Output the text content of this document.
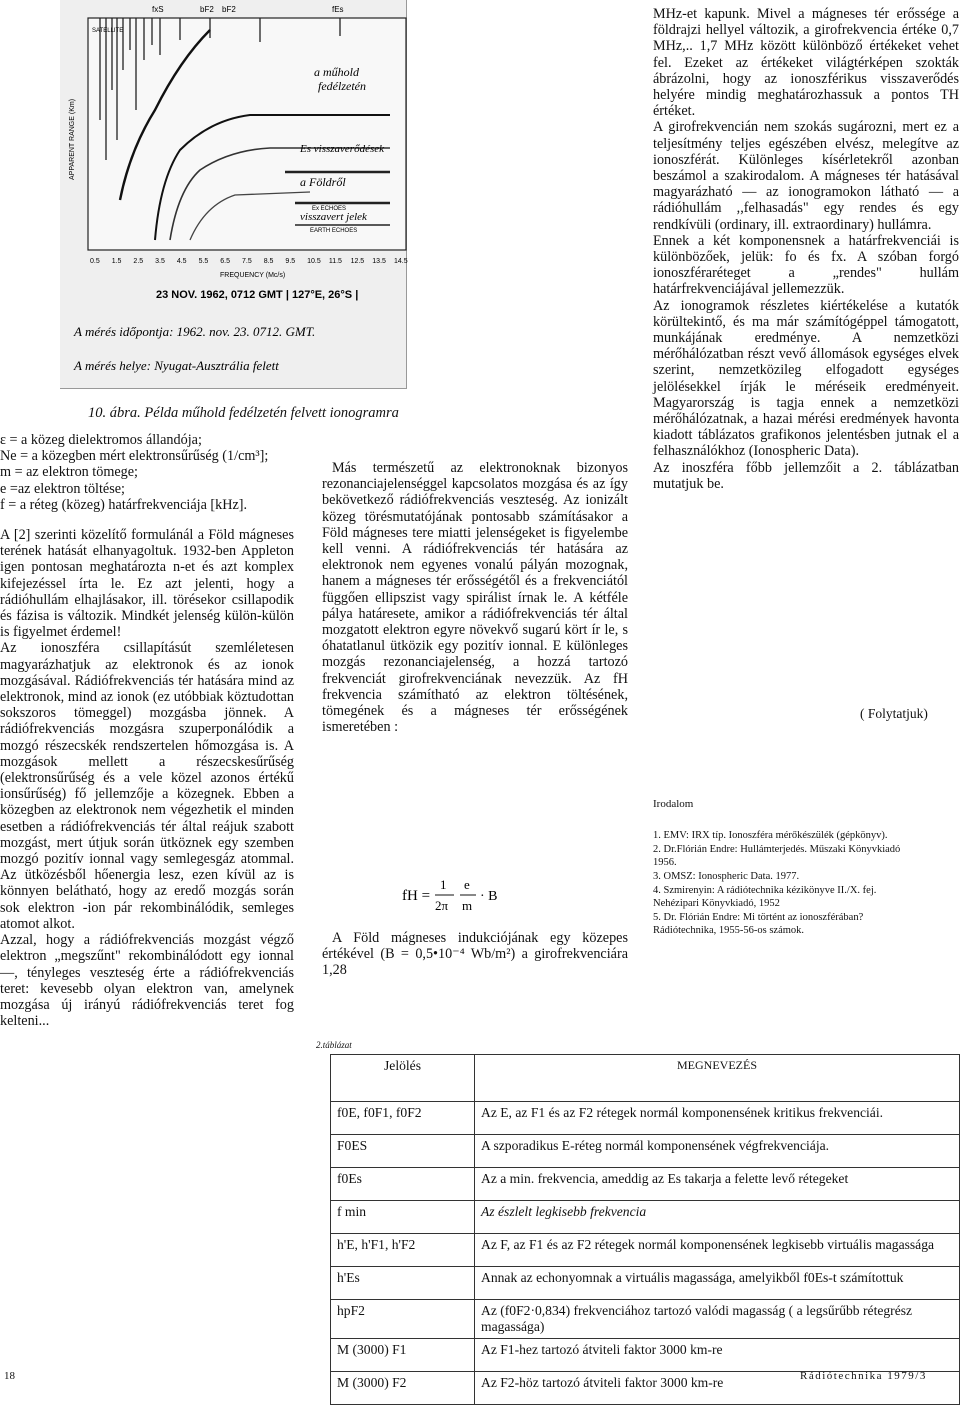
fxS	bF2 bF2	fEs
SATELLITE
APPARENT RANGE (Km)
Ex ECHOES
EARTH ECHOES
0.5 1.5 2.5 3.5 4.5 5.5 6.5 7.5 8.5 9.5 10.5 11.5 12.5 13.5 14.5
FREQUENCY (Mc/s)
23 NOV. 1962, 0712 GMT | 127°E, 26°S |
a műhold
fedélzetén
Es visszaverődések
a Földről
visszavert jelek
A mérés időpontja: 1962. nov. 23. 0712. GMT.
A mérés helye: Nyugat-Ausztrália felett
10. ábra. Példa műhold fedélzetén felvett ionogramra

ε = a közeg dielektromos állandója;

Ne = a közegben mért elektronsűrűség (1/cm³];

m = az elektron tömege;

e =az elektron töltése;

f = a réteg (közeg) határfrekvenciája [kHz].

A [2] szerinti közelítő formulánál a Föld mágneses terének hatását elhanyagoltuk. 1932-ben Appleton igen pontosan meghatározta n-et és azt komplex kifejezéssel írta le. Ez azt jelenti, hogy a rádióhullám elhajlásakor, ill. törésekor csillapodik és fázisa is változik. Mindkét jelenség külön-külön is figyelmet érdemel!

Az ionoszféra csillapításút szemléletesen magyarázhatjuk az elektronok és az ionok mozgásával. Rádiófrekvenciás tér hatására mind az elektronok, mind az ionok (ez utóbbiak köztudottan sokszoros tömeggel) mozgásba jönnek. A rádiófrekvenciás mozgásra szuperponálódik a mozgó részecskék rendszertelen hőmozgása is. A mozgások mellett a részecskesűrűség (elektronsűrűség és a vele közel azonos értékű ionsűrűség) fő jellemzője a közegnek. Ebben a közegben az elektronok nem végezhetik el minden esetben a rádiófrekvenciás tér által reájuk szabott mozgást, mert útjuk során ütköznek egy szemben mozgó pozitív ionnal vagy semlegesgáz atommal. Az ütközésből hőenergia lesz, ezen kívül az is könnyen belátható, hogy az eredő mozgás során sok elektron -ion pár rekombinálódik, semleges atomot alkot.

Azzal, hogy a rádiófrekvenciás mozgást végző elektron „megszűnt" rekombinálódott egy ionnal —, tényleges veszteség érte a rádiófrekvenciás teret: kevesebb olyan elektron van, amelynek mozgása új irányú rádiófrekvenciás teret fog kelteni...

Más természetű az elektronoknak bizonyos rezonanciajelenséggel kapcsolatos mozgása és az így bekövetkező rádiófrekvenciás veszteség. Az ionizált közeg törésmutatójának pontosabb számításakor a Föld mágneses tere miatti jelenségeket is figyelembe kell venni. A rádiófrekvenciás tér hatására az elektronok nem egyenes vonalú pályán mozognak, hanem a mágneses tér erősségétől és a frekvenciától függően ellipszist vagy spirálist írnak le. A kétféle pálya határesete, amikor a rádiófrekvenciás tér által mozgatott elektron egyre növekvő sugarú kört ír le, s óhatatlanul ütközik egy pozitív ionnal. E különleges mozgás rezonanciajelenség, a hozzá tartozó frekvenciát girofrekvenciának nevezzük. Az fH frekvencia számítható az elektron töltésének, tömegének és a mágneses tér erősségének ismeretében :

fH =
1
2π
e
m
· B

A Föld mágneses indukciójának egy közepes értékével (B = 0,5•10⁻⁴ Wb/m²) a girofrekvenciára 1,28

MHz-et kapunk. Mivel a mágneses tér erőssége a földrajzi hellyel változik, a girofrekvencia értéke 0,7 MHz,.. 1,7 MHz között különböző értékeket vehet fel. Ezeket az értékeket világtérképen szokták ábrázolni, hogy az ionoszférikus visszaverődés helyére mindig meghatározhassuk a pontos TH értéket.

A girofrekvencián nem szokás sugározni, mert ez a teljesítmény teljes egészében elvész, melegítve az ionoszférát. Különleges kísérletekről azonban beszámol a szakirodalom. A mágneses tér hatásával magyarázható — az ionogramokon látható — a rádióhullám ,,felhasadás" egy rendes és egy rendkívüli (ordinary, ill. extraordinary) hullámra.

Ennek a két komponensnek a határfrekvenciái is különbözőek, jelük: fo és fx. A szóban forgó ionoszféraréteget a „rendes" hullám határfrekvenciájával jellemezzük.

Az ionogramok részletes kiértékelése a kutatók körültekintő, és ma már számítógéppel támogatott, munkájának eredménye. A nemzetközi mérőhálózatban részt vevő állomások egységes elvek szerint, nemzetközileg elfogadott egységes jelölésekkel írják le méréseik eredményeit. Magyarország is tagja ennek a nemzetközi mérőhálózatnak, a hazai mérési eredmények havonta kiadott táblázatos grafikonos jelentésben jutnak el a felhasználókhoz (Ionospheric Data).

Az inoszféra főbb jellemzőit a 2. táblázatban mutatjuk be.

( Folytatjuk)
Irodalom
1. EMV: IRX típ. Ionoszféra mérőkészülék (gépkönyv).
2. Dr.Flórián Endre: Hullámterjedés. Műszaki Könyvkiadó 1956.
3. OMSZ: Ionospheric Data. 1977.
4. Szmirenyin: A rádiótechnika kézikönyve II./X. fej. Nehézipari Könyvkiadó, 1952
5. Dr. Flórián Endre: Mi történt az ionoszférában? Rádiótechnika, 1955-56-os számok.
2.táblázat
Jelölés	MEGNEVEZÉS
f0E, f0F1, f0F2	Az E, az F1 és az F2 rétegek normál komponensének kritikus frekvenciái.
F0ES	A szporadikus E-réteg normál komponensének végfrekvenciája.
f0Es	Az a min. frekvencia, ameddig az Es takarja a felette levő rétegeket
f min	Az észlelt legkisebb frekvencia
h'E, h'F1, h'F2	Az F, az F1 és az F2 rétegek normál komponensének legkisebb virtuális magassága
h'Es	Annak az echonyomnak a virtuális magassága, amelyikből f0Es-t számítottuk
hpF2	Az (f0F2·0,834) frekvenciához tartozó valódi magasság ( a legsűrűbb rétegrész magassága)
M (3000) F1	Az F1-hez tartozó átviteli faktor 3000 km-re
M (3000) F2	Az F2-höz tartozó átviteli faktor 3000 km-re
18	Rádiótechnika 1979/3
